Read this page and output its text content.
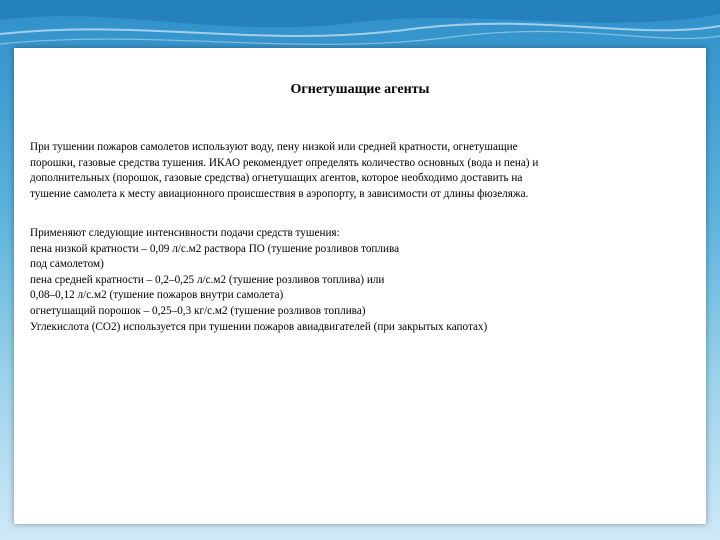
Огнетушащие агенты

При тушении пожаров самолетов используют воду, пену низкой или средней кратности, огнетушащие
порошки, газовые средства тушения. ИКАО рекомендует определять количество основных (вода и пена) и
дополнительных (порошок, газовые средства) огнетушащих агентов, которое необходимо доставить на
тушение самолета к месту авиационного происшествия в аэропорту, в зависимости от длины фюзеляжа.

Применяют следующие интенсивности подачи средств тушения:
пена низкой кратности – 0,09 л/с.м2 раствора ПО (тушение розливов топлива
под самолетом)
пена средней кратности – 0,2–0,25 л/с.м2 (тушение розливов топлива) или
0,08–0,12 л/с.м2 (тушение пожаров внутри самолета)
огнетушащий порошок – 0,25–0,3 кг/с.м2 (тушение розливов топлива)
Углекислота (СО2) используется при тушении пожаров авиадвигателей (при закрытых капотах)
